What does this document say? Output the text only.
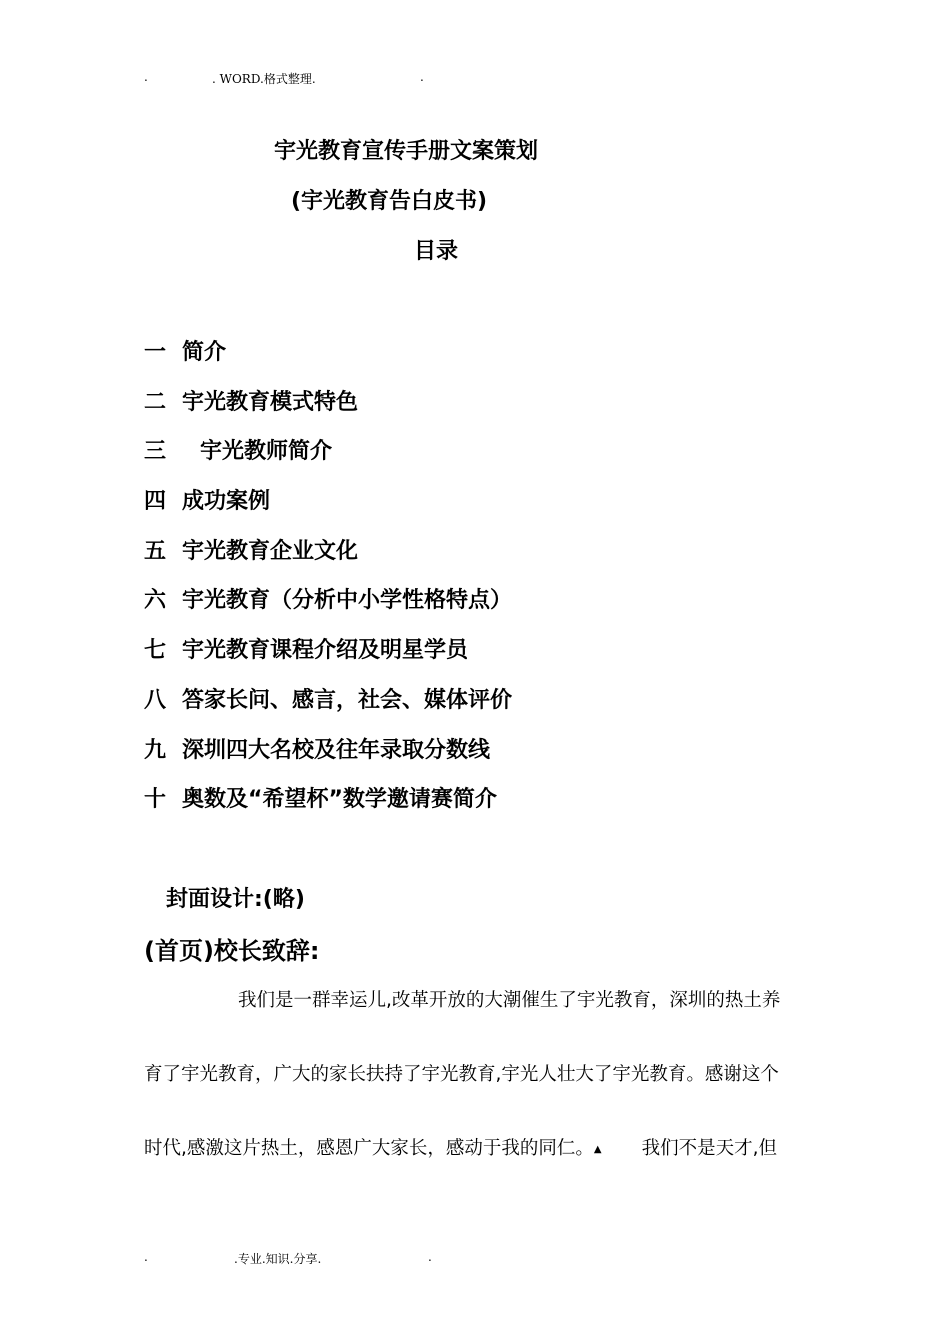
.	. WORD.格式整理.	.
宇光教育宣传手册文案策划
(宇光教育告白皮书)
目录
一 简介
二 宇光教育模式特色
三	宇光教师简介
四 成功案例
五 宇光教育企业文化
六 宇光教育（分析中小学性格特点）
七 宇光教育课程介绍及明星学员
八 答家长问、感言，社会、媒体评价
九 深圳四大名校及往年录取分数线
十 奥数及“希望杯”数学邀请赛简介
封面设计:(略)
(首页)校长致辞:
我们是一群幸运儿,改革开放的大潮催生了宇光教育，深圳的热土养
育了宇光教育，广大的家长扶持了宇光教育,宇光人壮大了宇光教育。感谢这个
时代,感激这片热土，感恩广大家长，感动于我的同仁。▲ 我们不是天才,但
.	.专业.知识.分享.	.
